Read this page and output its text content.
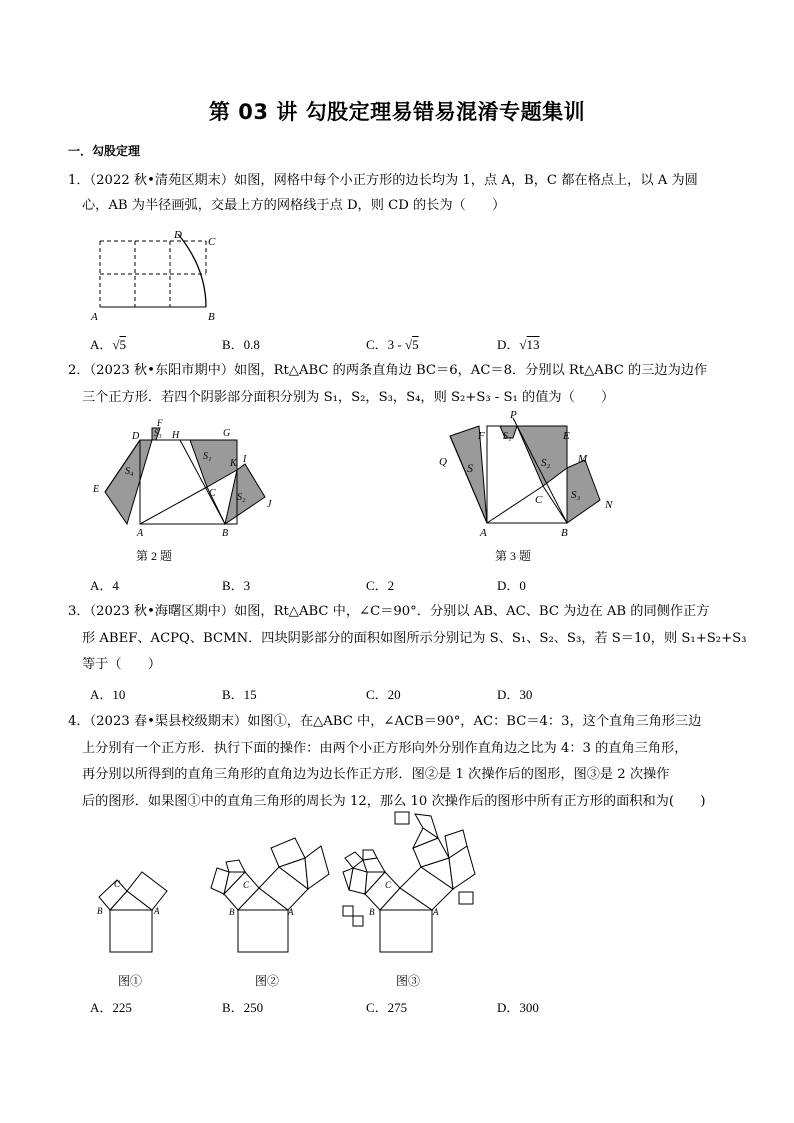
第 03 讲 勾股定理易错易混淆专题集训
一．勾股定理
1．（2022 秋•清苑区期末）如图，网格中每个小正方形的边长均为 1，点 A，B，C 都在格点上，以 A 为圆
心，AB 为半径画弧，交最上方的网格线于点 D，则 CD 的长为（　　）
A	B
C
D
A．√5	B．0.8	C．3 - √5	D．√13
2．（2023 秋•东阳市期中）如图，Rt△ABC 的两条直角边 BC＝6，AC＝8．分别以 Rt△ABC 的三边为边作
三个正方形．若四个阴影部分面积分别为 S₁，S₂，S₃，S₄，则 S₂+S₃ - S₁ 的值为（　　）
E
D
F
H	G
K I
J
C
A	B
S₄
S₃
S₁
S₂
P
F	E
Q	M
N
C
A	B
S
S₁
S₂
S₃
第 2 题	第 3 题
A．4	B．3	C．2	D．0
3．（2023 秋•海曙区期中）如图，Rt△ABC 中，∠C＝90°．分别以 AB、AC、BC 为边在 AB 的同侧作正方
形 ABEF、ACPQ、BCMN．四块阴影部分的面积如图所示分别记为 S、S₁、S₂、S₃，若 S＝10，则 S₁+S₂+S₃
等于（　　）
A．10	B．15	C．20	D．30
4．（2023 春•渠县校级期末）如图①，在△ABC 中，∠ACB＝90°，AC：BC＝4：3，这个直角三角形三边
上分别有一个正方形．执行下面的操作：由两个小正方形向外分别作直角边之比为 4：3 的直角三角形，
再分别以所得到的直角三角形的直角边为边长作正方形．图②是 1 次操作后的图形，图③是 2 次操作
后的图形．如果图①中的直角三角形的周长为 12，那么 10 次操作后的图形中所有正方形的面积和为(　　)
C
B	A
C
B	A
C
B	A
图①	图②	图③
A．225	B．250	C．275	D．300
